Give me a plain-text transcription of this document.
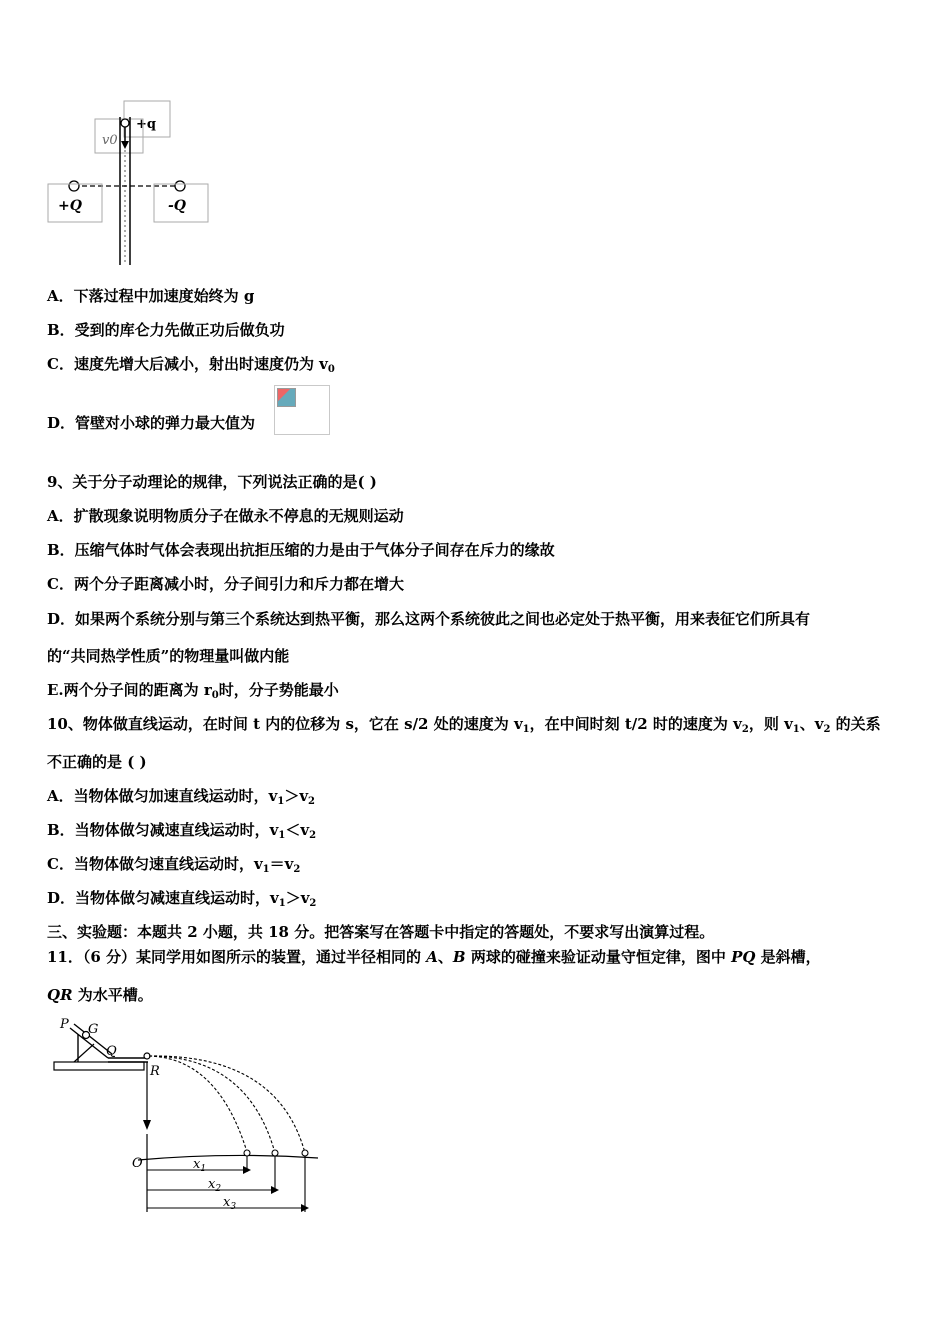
+q
v0
+Q	-Q
A．下落过程中加速度始终为 g
B．受到的库仑力先做正功后做负功
C．速度先增大后减小，射出时速度仍为 $v_0$
D．管壁对小球的弹力最大值为
9、关于分子动理论的规律，下列说法正确的是( )
A．扩散现象说明物质分子在做永不停息的无规则运动
B．压缩气体时气体会表现出抗拒压缩的力是由于气体分子间存在斥力的缘故
C．两个分子距离减小时，分子间引力和斥力都在增大
D．如果两个系统分别与第三个系统达到热平衡，那么这两个系统彼此之间也必定处于热平衡，用来表征它们所具有
的“共同热学性质”的物理量叫做内能
E.两个分子间的距离为 $r_0$时，分子势能最小
10、物体做直线运动，在时间 t 内的位移为 s，它在 s/2 处的速度为 $v_1$，在中间时刻 t/2 时的速度为 $v_2$，则 $v_1$、$v_2$ 的关系
不正确的是 ( )
A．当物体做匀加速直线运动时，$v_1>v_2$
B．当物体做匀减速直线运动时，$v_1<v_2$
C．当物体做匀速直线运动时，$v_1=v_2$
D．当物体做匀减速直线运动时，$v_1>v_2$
三、实验题：本题共 2 小题，共 18 分。把答案写在答题卡中指定的答题处，不要求写出演算过程。
11．（6 分）某同学用如图所示的装置，通过半径相同的 A、B 两球的碰撞来验证动量守恒定律，图中 PQ 是斜槽，
QR 为水平槽。
P G
Q
R
O	$x_1$
$x_2$
$x_3$
